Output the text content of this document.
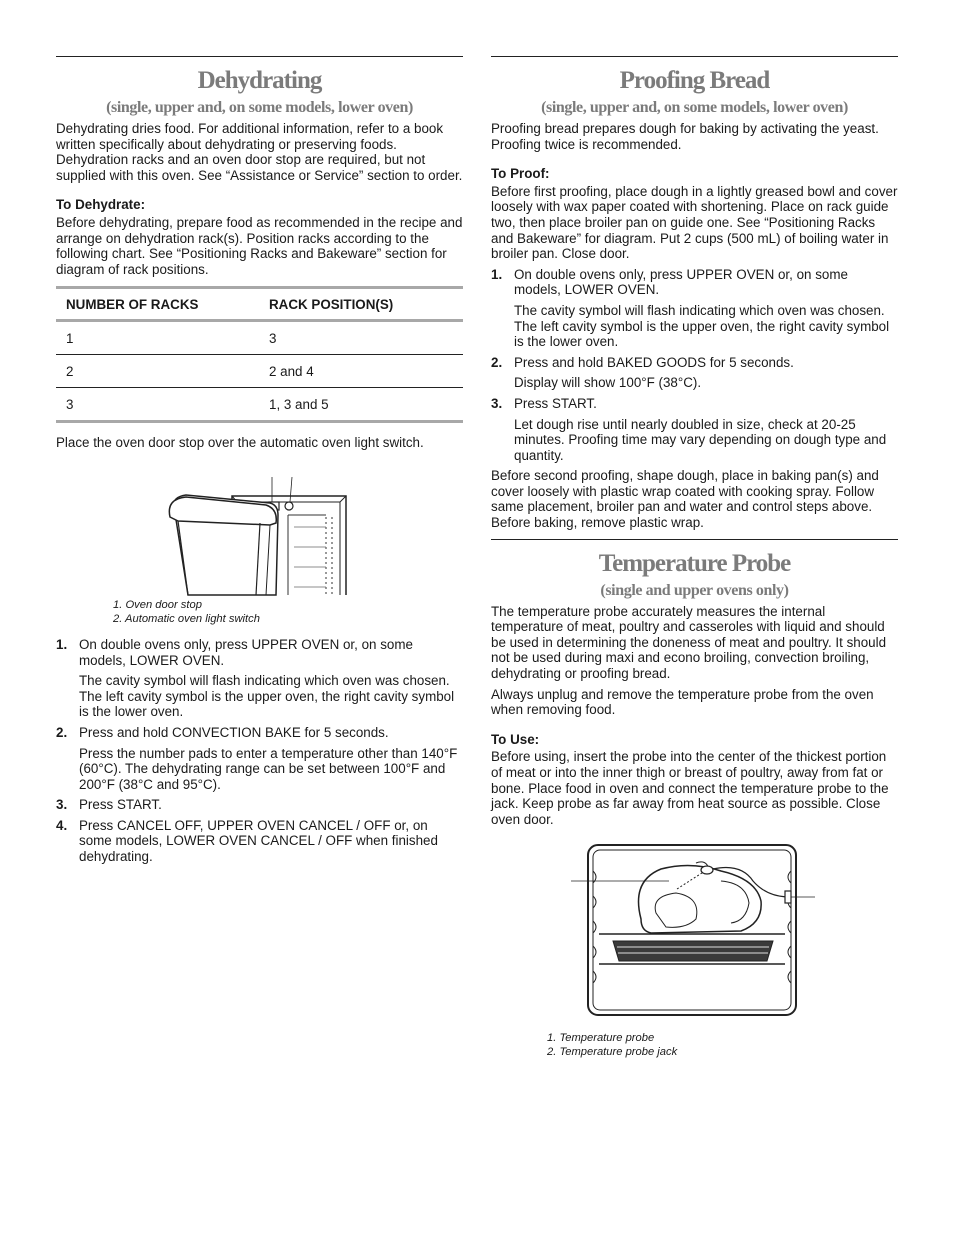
Dehydrating
(single, upper and, on some models, lower oven)

Dehydrating dries food. For additional information, refer to a book written specifically about dehydrating or preserving foods. Dehydration racks and an oven door stop are required, but not supplied with this oven. See “Assistance or Service” section to order.

To Dehydrate:

Before dehydrating, prepare food as recommended in the recipe and arrange on dehydration rack(s). Position racks according to the following chart. See “Positioning Racks and Bakeware” section for diagram of rack positions.

NUMBER OF RACKS	RACK POSITION(S)
1	3
2	2 and 4
3	1, 3 and 5

Place the oven door stop over the automatic oven light switch.

1. Oven door stop
2. Automatic oven light switch
1. On double ovens only, press UPPER OVEN or, on some models, LOWER OVEN.

The cavity symbol will flash indicating which oven was chosen. The left cavity symbol is the upper oven, the right cavity symbol is the lower oven.

2. Press and hold CONVECTION BAKE for 5 seconds.

Press the number pads to enter a temperature other than 140°F (60°C). The dehydrating range can be set between 100°F and 200°F (38°C and 95°C).

3. Press START.

4. Press CANCEL OFF, UPPER OVEN CANCEL / OFF or, on some models, LOWER OVEN CANCEL / OFF when finished dehydrating.

Proofing Bread
(single, upper and, on some models, lower oven)

Proofing bread prepares dough for baking by activating the yeast. Proofing twice is recommended.

To Proof:

Before first proofing, place dough in a lightly greased bowl and cover loosely with wax paper coated with shortening. Place on rack guide two, then place broiler pan on guide one. See “Positioning Racks and Bakeware” for diagram. Put 2 cups (500 mL) of boiling water in broiler pan. Close door.

1. On double ovens only, press UPPER OVEN or, on some models, LOWER OVEN.

The cavity symbol will flash indicating which oven was chosen. The left cavity symbol is the upper oven, the right cavity symbol is the lower oven.

2. Press and hold BAKED GOODS for 5 seconds.

Display will show 100°F (38°C).

3. Press START.

Let dough rise until nearly doubled in size, check at 20-25 minutes. Proofing time may vary depending on dough type and quantity.

Before second proofing, shape dough, place in baking pan(s) and cover loosely with plastic wrap coated with cooking spray. Follow same placement, broiler pan and water and control steps above. Before baking, remove plastic wrap.

Temperature Probe
(single and upper ovens only)

The temperature probe accurately measures the internal temperature of meat, poultry and casseroles with liquid and should be used in determining the doneness of meat and poultry. It should not be used during maxi and econo broiling, convection broiling, dehydrating or proofing bread.

Always unplug and remove the temperature probe from the oven when removing food.

To Use:

Before using, insert the probe into the center of the thickest portion of meat or into the inner thigh or breast of poultry, away from fat or bone. Place food in oven and connect the temperature probe to the jack. Keep probe as far away from heat source as possible. Close oven door.

1. Temperature probe
2. Temperature probe jack
